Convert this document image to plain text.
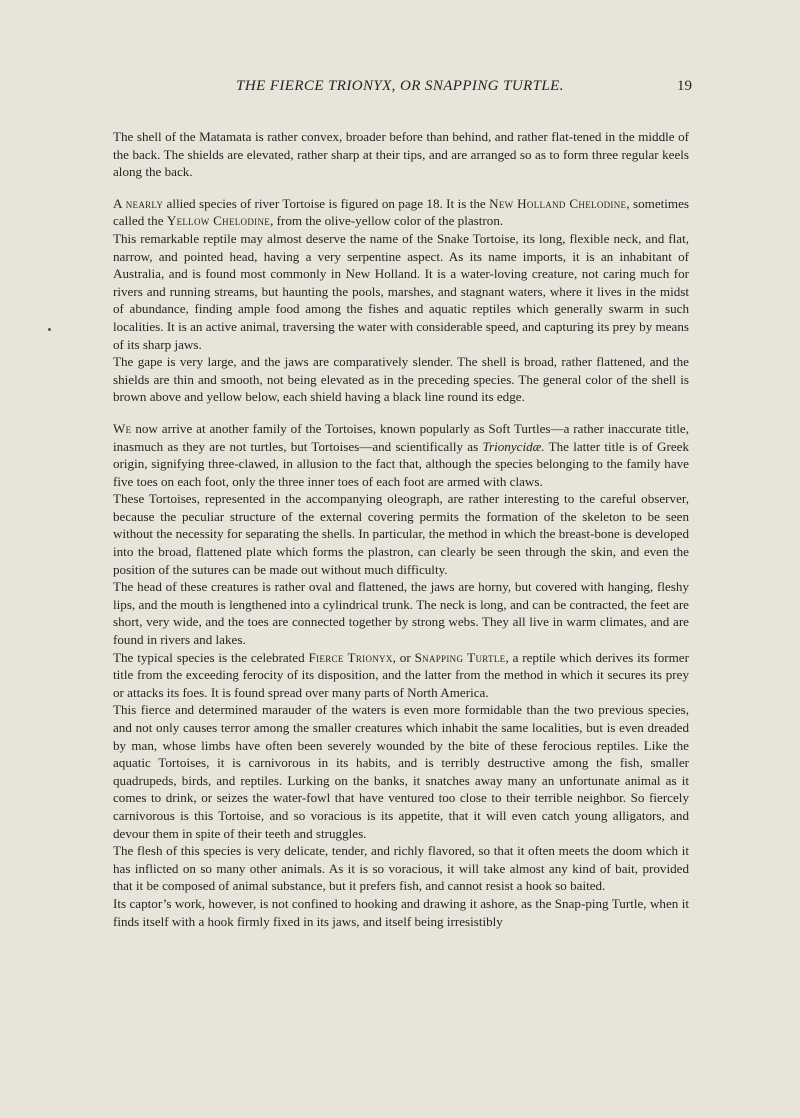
THE FIERCE TRIONYX, OR SNAPPING TURTLE.	19

The shell of the Matamata is rather convex, broader before than behind, and rather flat-tened in the middle of the back. The shields are elevated, rather sharp at their tips, and are arranged so as to form three regular keels along the back.

A nearly allied species of river Tortoise is figured on page 18. It is the New Holland Chelodine, sometimes called the Yellow Chelodine, from the olive-yellow color of the plastron.

This remarkable reptile may almost deserve the name of the Snake Tortoise, its long, flexible neck, and flat, narrow, and pointed head, having a very serpentine aspect. As its name imports, it is an inhabitant of Australia, and is found most commonly in New Holland. It is a water-loving creature, not caring much for rivers and running streams, but haunting the pools, marshes, and stagnant waters, where it lives in the midst of abundance, finding ample food among the fishes and aquatic reptiles which generally swarm in such localities. It is an active animal, traversing the water with considerable speed, and capturing its prey by means of its sharp jaws.

The gape is very large, and the jaws are comparatively slender. The shell is broad, rather flattened, and the shields are thin and smooth, not being elevated as in the preceding species. The general color of the shell is brown above and yellow below, each shield having a black line round its edge.

We now arrive at another family of the Tortoises, known popularly as Soft Turtles—a rather inaccurate title, inasmuch as they are not turtles, but Tortoises—and scientifically as Trionycidæ. The latter title is of Greek origin, signifying three-clawed, in allusion to the fact that, although the species belonging to the family have five toes on each foot, only the three inner toes of each foot are armed with claws.

These Tortoises, represented in the accompanying oleograph, are rather interesting to the careful observer, because the peculiar structure of the external covering permits the formation of the skeleton to be seen without the necessity for separating the shells. In particular, the method in which the breast-bone is developed into the broad, flattened plate which forms the plastron, can clearly be seen through the skin, and even the position of the sutures can be made out without much difficulty.

The head of these creatures is rather oval and flattened, the jaws are horny, but covered with hanging, fleshy lips, and the mouth is lengthened into a cylindrical trunk. The neck is long, and can be contracted, the feet are short, very wide, and the toes are connected together by strong webs. They all live in warm climates, and are found in rivers and lakes.

The typical species is the celebrated Fierce Trionyx, or Snapping Turtle, a reptile which derives its former title from the exceeding ferocity of its disposition, and the latter from the method in which it secures its prey or attacks its foes. It is found spread over many parts of North America.

This fierce and determined marauder of the waters is even more formidable than the two previous species, and not only causes terror among the smaller creatures which inhabit the same localities, but is even dreaded by man, whose limbs have often been severely wounded by the bite of these ferocious reptiles. Like the aquatic Tortoises, it is carnivorous in its habits, and is terribly destructive among the fish, smaller quadrupeds, birds, and reptiles. Lurking on the banks, it snatches away many an unfortunate animal as it comes to drink, or seizes the water-fowl that have ventured too close to their terrible neighbor. So fiercely carnivorous is this Tortoise, and so voracious is its appetite, that it will even catch young alligators, and devour them in spite of their teeth and struggles.

The flesh of this species is very delicate, tender, and richly flavored, so that it often meets the doom which it has inflicted on so many other animals. As it is so voracious, it will take almost any kind of bait, provided that it be composed of animal substance, but it prefers fish, and cannot resist a hook so baited.

Its captor’s work, however, is not confined to hooking and drawing it ashore, as the Snap-ping Turtle, when it finds itself with a hook firmly fixed in its jaws, and itself being irresistibly
